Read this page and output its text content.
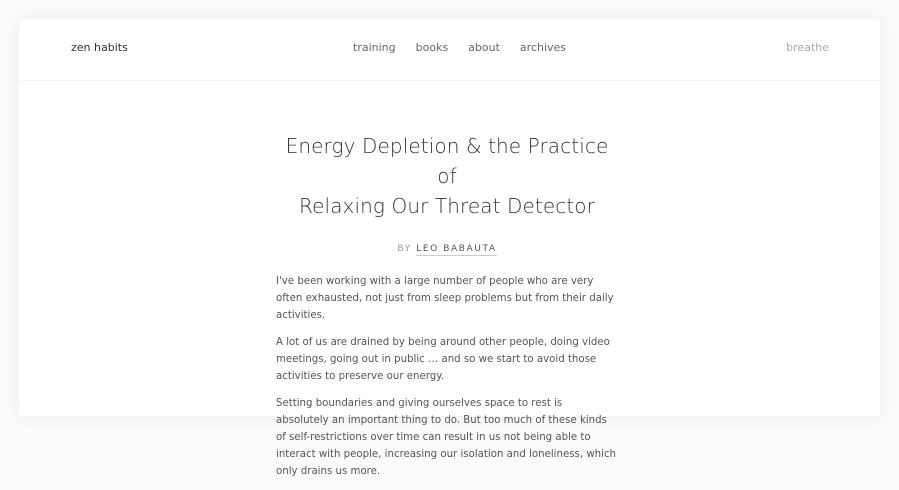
zen habits	training books about archives	breathe
Energy Depletion & the Practice of
Relaxing Our Threat Detector
BY LEO BABAUTA

I've been working with a large number of people who are very often exhausted, not just from sleep problems but from their daily activities.

A lot of us are drained by being around other people, doing video meetings, going out in public … and so we start to avoid those activities to preserve our energy.

Setting boundaries and giving ourselves space to rest is absolutely an important thing to do. But too much of these kinds of self-restrictions over time can result in us not being able to interact with people, increasing our isolation and loneliness, which only drains us more.
